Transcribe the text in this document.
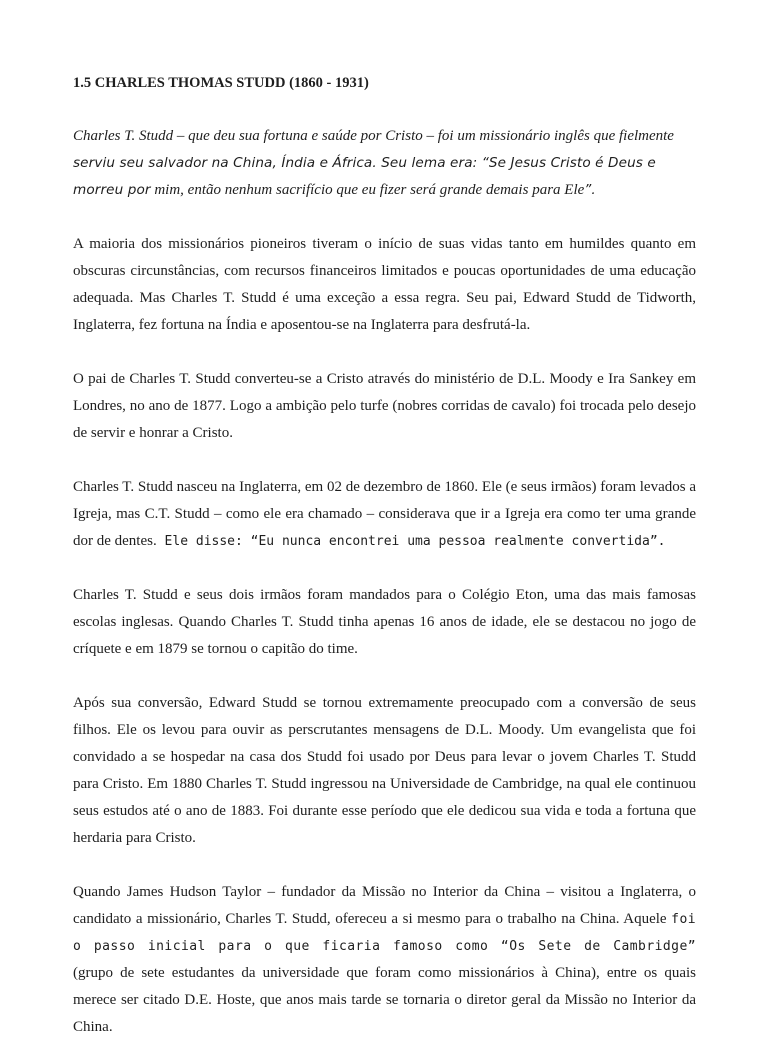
1.5 CHARLES THOMAS STUDD (1860 - 1931)
Charles T. Studd – que deu sua fortuna e saúde por Cristo – foi um missionário inglês que fielmente serviu seu salvador na China, Índia e África. Seu lema era: “Se Jesus Cristo é Deus e morreu por mim, então nenhum sacrifício que eu fizer será grande demais para Ele”.
A maioria dos missionários pioneiros tiveram o início de suas vidas tanto em humildes quanto em obscuras circunstâncias, com recursos financeiros limitados e poucas oportunidades de uma educação adequada. Mas Charles T. Studd é uma exceção a essa regra. Seu pai, Edward Studd de Tidworth, Inglaterra, fez fortuna na Índia e aposentou-se na Inglaterra para desfrutá-la.
O pai de Charles T. Studd converteu-se a Cristo através do ministério de D.L. Moody e Ira Sankey em Londres, no ano de 1877. Logo a ambição pelo turfe (nobres corridas de cavalo) foi trocada pelo desejo de servir e honrar a Cristo.
Charles T. Studd nasceu na Inglaterra, em 02 de dezembro de 1860. Ele (e seus irmãos) foram levados a Igreja, mas C.T. Studd – como ele era chamado – considerava que ir a Igreja era como ter uma grande dor de dentes. Ele disse: “Eu nunca encontrei uma pessoa realmente convertida”.
Charles T. Studd e seus dois irmãos foram mandados para o Colégio Eton, uma das mais famosas escolas inglesas. Quando Charles T. Studd tinha apenas 16 anos de idade, ele se destacou no jogo de críquete e em 1879 se tornou o capitão do time.
Após sua conversão, Edward Studd se tornou extremamente preocupado com a conversão de seus filhos. Ele os levou para ouvir as perscrutantes mensagens de D.L. Moody. Um evangelista que foi convidado a se hospedar na casa dos Studd foi usado por Deus para levar o jovem Charles T. Studd para Cristo. Em 1880 Charles T. Studd ingressou na Universidade de Cambridge, na qual ele continuou seus estudos até o ano de 1883. Foi durante esse período que ele dedicou sua vida e toda a fortuna que herdaria para Cristo.
Quando James Hudson Taylor – fundador da Missão no Interior da China – visitou a Inglaterra, o candidato a missionário, Charles T. Studd, ofereceu a si mesmo para o trabalho na China. Aquele foi o passo inicial para o que ficaria famoso como “Os Sete de Cambridge” (grupo de sete estudantes da universidade que foram como missionários à China), entre os quais merece ser citado D.E. Hoste, que anos mais tarde se tornaria o diretor geral da Missão no Interior da China.
